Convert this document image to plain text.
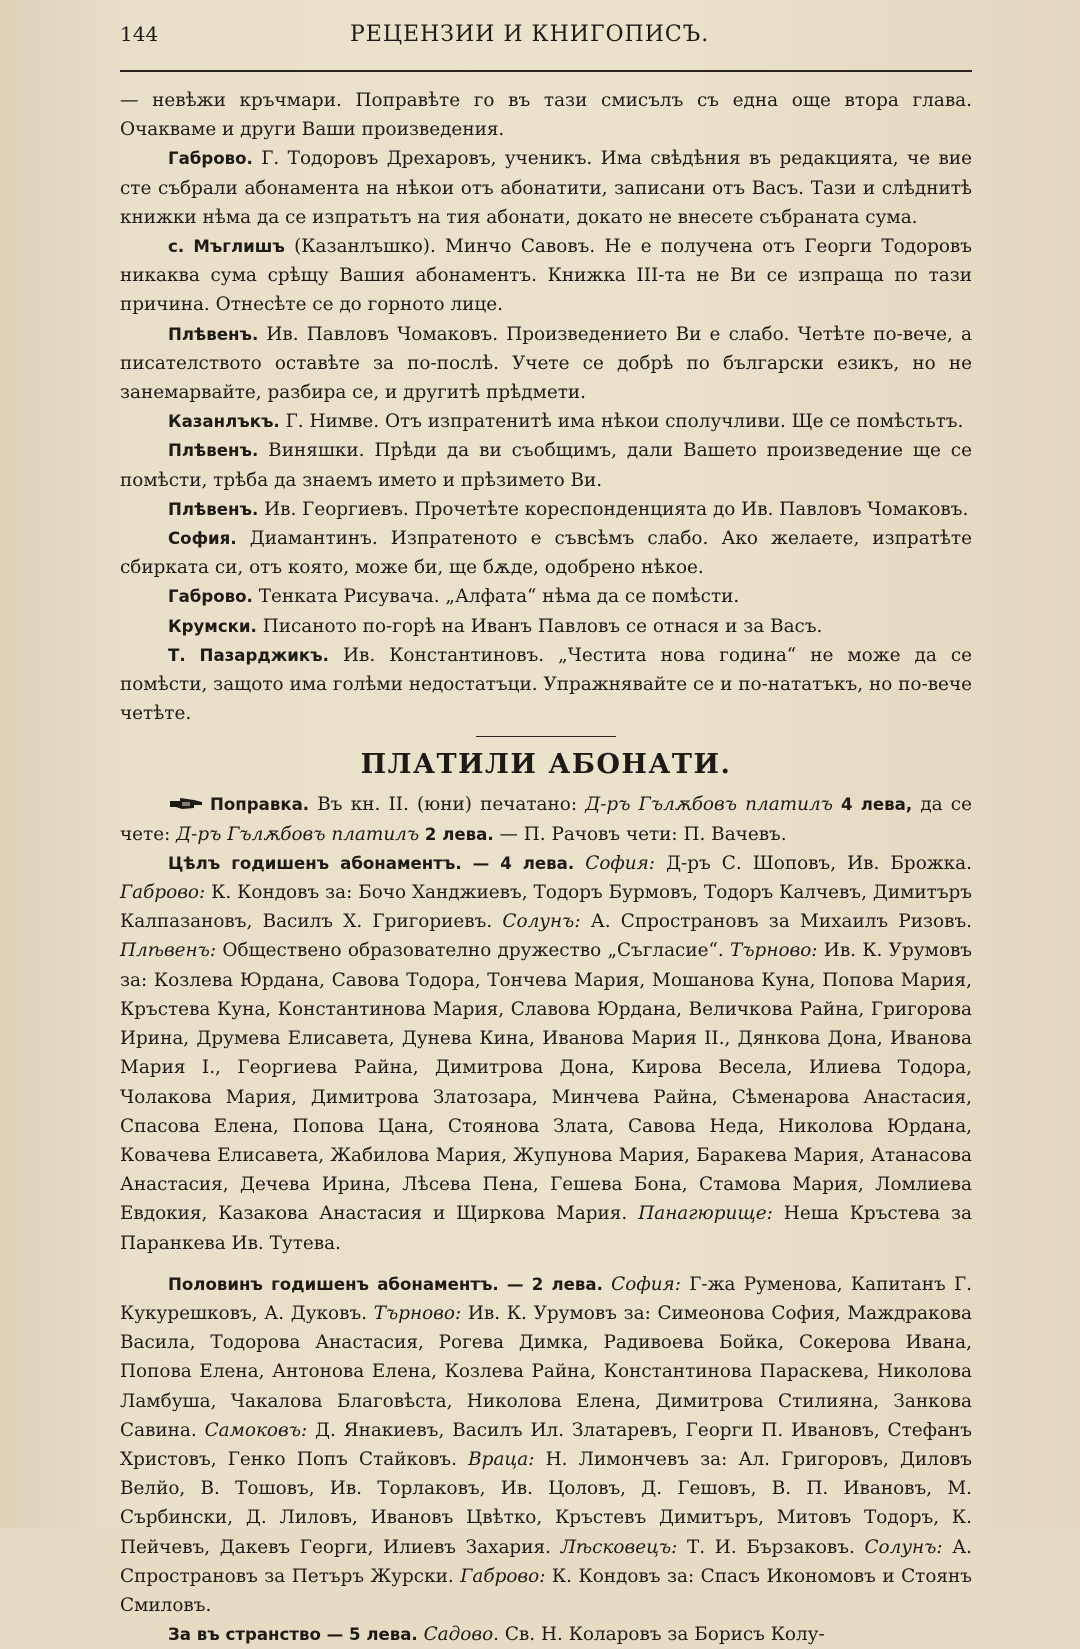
144	РЕЦЕНЗИИ И КНИГОПИСЪ.

— невѣжи кръчмари. Поправѣте го въ тази смисълъ съ една още втора глава. Очакваме и други Ваши произведения.

Габрово. Г. Тодоровъ Дрехаровъ, ученикъ. Има свѣдѣния въ редакцията, че вие сте събрали абонамента на нѣкои отъ абонатити, записани отъ Васъ. Тази и слѣднитѣ книжки нѣма да се изпратьтъ на тия абонати, докато не внесете събраната сума.

с. Мъглишъ (Казанлъшко). Минчо Савовъ. Не е получена отъ Георги Тодоровъ никаква сума срѣщу Вашия абонаментъ. Книжка III-та не Ви се изпраща по тази причина. Отнесѣте се до горното лице.

Плѣвенъ. Ив. Павловъ Чомаковъ. Произведението Ви е слабо. Четѣте по-вече, а писателството оставѣте за по-послѣ. Учете се добрѣ по български езикъ, но не занемарвайте, разбира се, и другитѣ прѣдмети.

Казанлъкъ. Г. Нимве. Отъ изпратенитѣ има нѣкои сполучливи. Ще се помѣстьтъ.

Плѣвенъ. Виняшки. Прѣди да ви съобщимъ, дали Вашето произведение ще се помѣсти, трѣба да знаемъ името и прѣзимето Ви.

Плѣвенъ. Ив. Георгиевъ. Прочетѣте кореспонденцията до Ив. Павловъ Чомаковъ.

София. Диамантинъ. Изпратеното е съвсѣмъ слабо. Ако желаете, изпратѣте сбирката си, отъ която, може би, ще бѫде, одобрено нѣкое.

Габрово. Тенката Рисувача. „Алфата“ нѣма да се помѣсти.

Крумски. Писаното по-горѣ на Иванъ Павловъ се отнася и за Васъ.

Т. Пазарджикъ. Ив. Константиновъ. „Честита нова година“ не може да се помѣсти, защото има голѣми недостатъци. Упражнявайте се и по-нататъкъ, но по-вече четѣте.

ПЛАТИЛИ АБОНАТИ.

Поправка. Въ кн. II. (юни) печатано: Д-ръ Гълѫбовъ платилъ 4 лева, да се чете: Д-ръ Гълѫбовъ платилъ 2 лева. — П. Рачовъ чети: П. Вачевъ.

Цѣлъ годишенъ абонаментъ. — 4 лева. София: Д-ръ С. Шоповъ, Ив. Брожка. Габрово: К. Кондовъ за: Бочо Ханджиевъ, Тодоръ Бурмовъ, Тодоръ Калчевъ, Димитъръ Калпазановъ, Василъ Х. Григориевъ. Солунъ: А. Спространовъ за Михаилъ Ризовъ. Плѣвенъ: Обществено образователно дружество „Съгласие“. Търново: Ив. К. Урумовъ за: Козлева Юрдана, Савова Тодора, Тончева Мария, Мошанова Куна, Попова Мария, Кръстева Куна, Константинова Мария, Славова Юрдана, Величкова Райна, Григорова Ирина, Друмева Елисавета, Дунева Кина, Иванова Мария II., Дянкова Дона, Иванова Мария I., Георгиева Райна, Димитрова Дона, Кирова Весела, Илиева Тодора, Чолакова Мария, Димитрова Златозара, Минчева Райна, Сѣменарова Анастасия, Спасова Елена, Попова Цана, Стоянова Злата, Савова Неда, Николова Юрдана, Ковачева Елисавета, Жабилова Мария, Жупунова Мария, Баракева Мария, Атанасова Анастасия, Дечева Ирина, Лѣсева Пена, Гешева Бона, Стамова Мария, Ломлиева Евдокия, Казакова Анастасия и Щиркова Мария. Панагюрище: Неша Кръстева за Паранкева Ив. Тутева.

Половинъ годишенъ абонаментъ. — 2 лева. София: Г-жа Руменова, Капитанъ Г. Кукурешковъ, А. Дуковъ. Търново: Ив. К. Урумовъ за: Симеонова София, Маждракова Васила, Тодорова Анастасия, Рогева Димка, Радивоева Бойка, Сокерова Ивана, Попова Елена, Антонова Елена, Козлева Райна, Константинова Параскева, Николова Ламбуша, Чакалова Благовѣста, Николова Елена, Димитрова Стилияна, Занкова Савина. Самоковъ: Д. Янакиевъ, Василъ Ил. Златаревъ, Георги П. Ивановъ, Стефанъ Христовъ, Генко Попъ Стайковъ. Враца: Н. Лимончевъ за: Ал. Григоровъ, Диловъ Велйо, В. Тошовъ, Ив. Торлаковъ, Ив. Цоловъ, Д. Гешовъ, В. П. Ивановъ, М. Сърбински, Д. Лиловъ, Ивановъ Цвѣтко, Кръстевъ Димитъръ, Митовъ Тодоръ, К. Пейчевъ, Дакевъ Георги, Илиевъ Захария. Лѣсковецъ: Т. И. Бързаковъ. Солунъ: А. Спространовъ за Петъръ Журски. Габрово: К. Кондовъ за: Спасъ Икономовъ и Стоянъ Смиловъ.

За въ странство — 5 лева. Садово. Св. Н. Коларовъ за Борисъ Колу-
